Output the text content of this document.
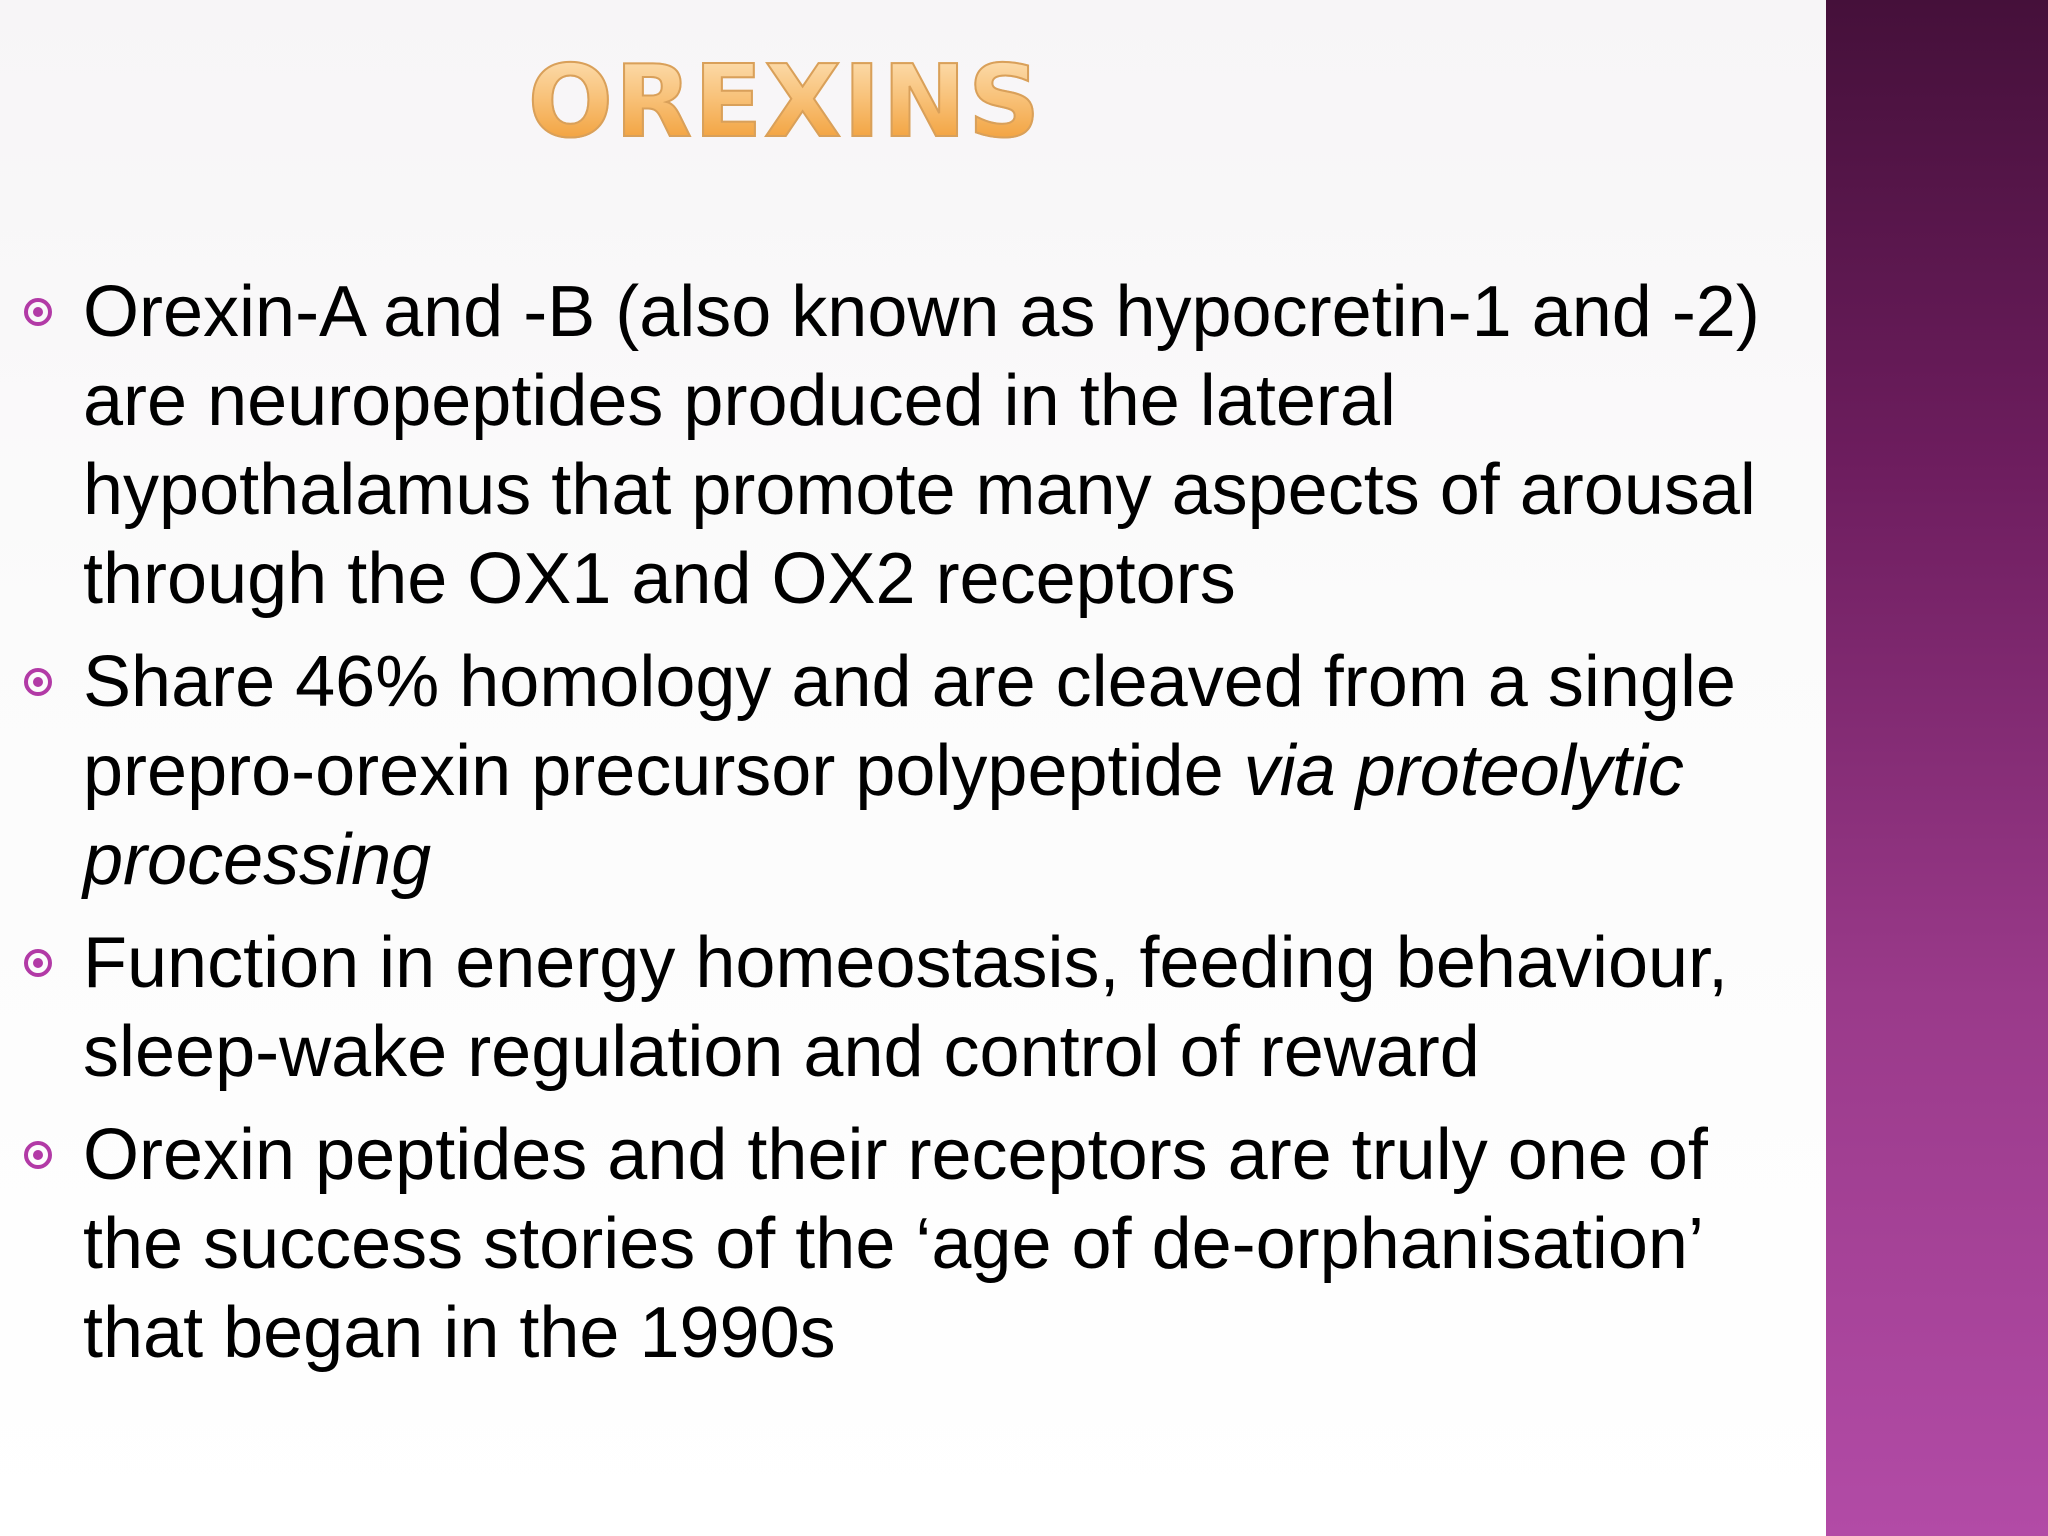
OREXINS
Orexin-A and -B (also known as hypocretin-1 and -2) are neuropeptides produced in the lateral hypothalamus that promote many aspects of arousal through the OX1 and OX2 receptors
Share 46% homology and are cleaved from a single prepro-orexin precursor polypeptide via proteolytic processing
Function in energy homeostasis, feeding behaviour, sleep-wake regulation and control of reward
Orexin peptides and their receptors are truly one of the success stories of the ‘age of de-orphanisation’ that began in the 1990s
